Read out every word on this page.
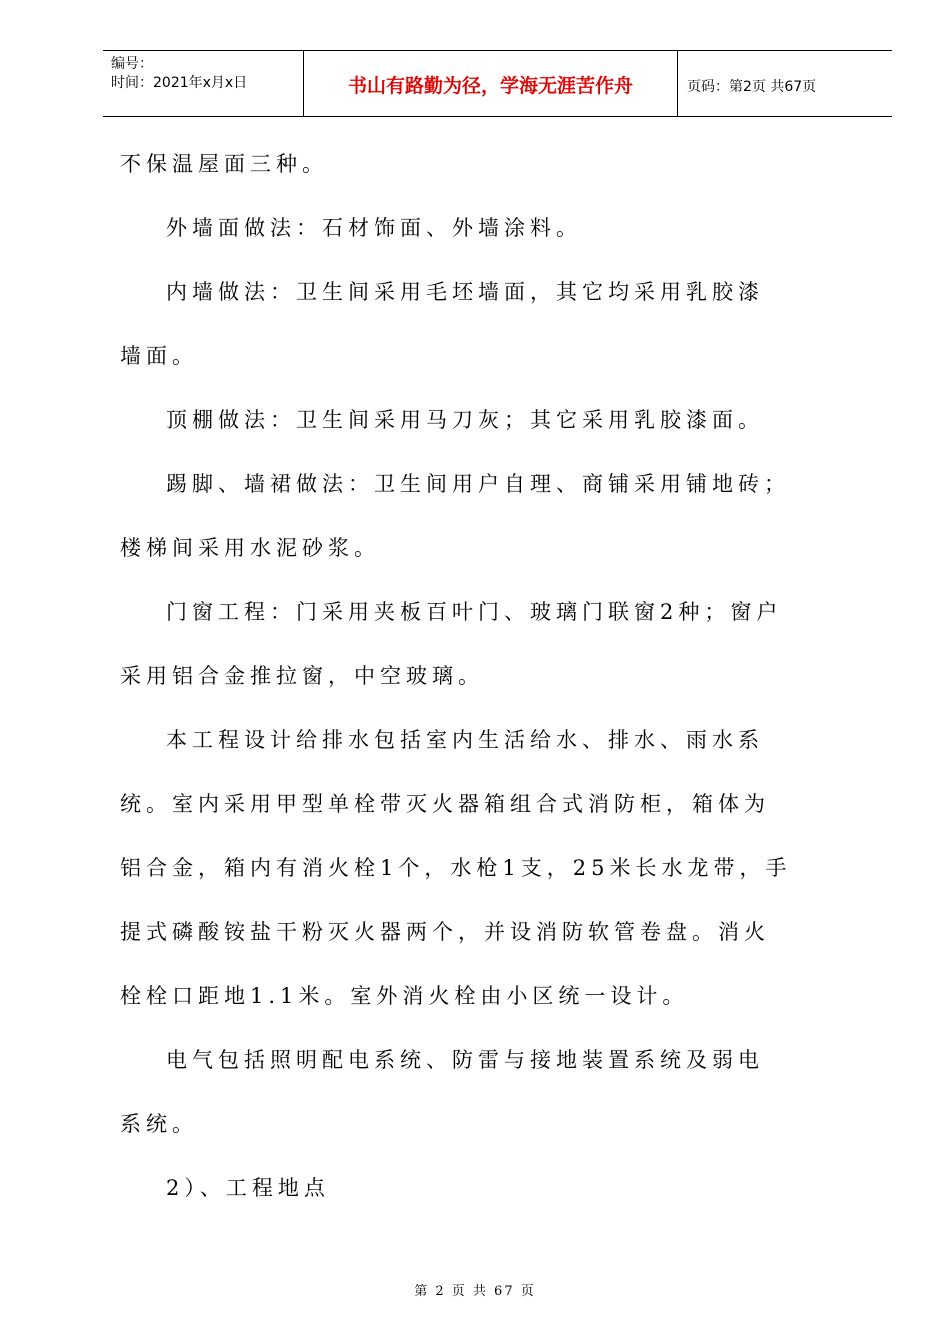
编号：
时间：2021年x月x日	书山有路勤为径，学海无涯苦作舟	页码：第2页 共67页
不保温屋面三种。
外墙面做法：石材饰面、外墙涂料。
内墙做法：卫生间采用毛坯墙面，其它均采用乳胶漆
墙面。
顶棚做法：卫生间采用马刀灰；其它采用乳胶漆面。
踢脚、墙裙做法：卫生间用户自理、商铺采用铺地砖；
楼梯间采用水泥砂浆。
门窗工程：门采用夹板百叶门、玻璃门联窗2种；窗户
采用铝合金推拉窗，中空玻璃。
本工程设计给排水包括室内生活给水、排水、雨水系
统。室内采用甲型单栓带灭火器箱组合式消防柜，箱体为
铝合金，箱内有消火栓1个，水枪1支，25米长水龙带，手
提式磷酸铵盐干粉灭火器两个，并设消防软管卷盘。消火
栓栓口距地1.1米。室外消火栓由小区统一设计。
电气包括照明配电系统、防雷与接地装置系统及弱电
系统。
2）、工程地点
第 2 页 共 67 页
